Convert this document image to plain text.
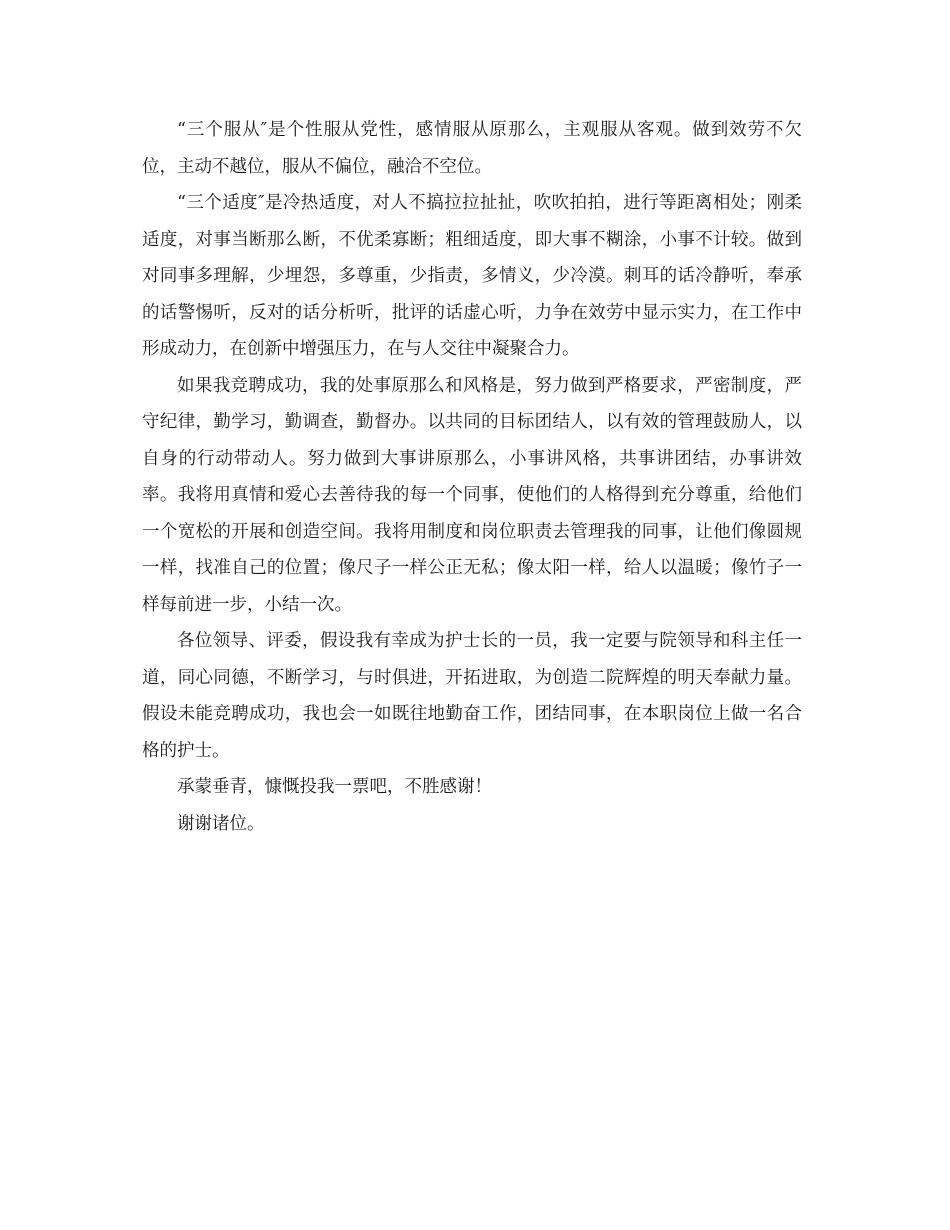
“三个服从″是个性服从党性，感情服从原那么，主观服从客观。做到效劳不欠位，主动不越位，服从不偏位，融洽不空位。

“三个适度″是冷热适度，对人不搞拉拉扯扯，吹吹拍拍，进行等距离相处；刚柔适度，对事当断那么断，不优柔寡断；粗细适度，即大事不糊涂，小事不计较。做到对同事多理解，少埋怨，多尊重，少指责，多情义，少冷漠。刺耳的话冷静听，奉承的话警惕听，反对的话分析听，批评的话虚心听，力争在效劳中显示实力，在工作中形成动力，在创新中增强压力，在与人交往中凝聚合力。

如果我竞聘成功，我的处事原那么和风格是，努力做到严格要求，严密制度，严守纪律，勤学习，勤调查，勤督办。以共同的目标团结人，以有效的管理鼓励人，以自身的行动带动人。努力做到大事讲原那么，小事讲风格，共事讲团结，办事讲效率。我将用真情和爱心去善待我的每一个同事，使他们的人格得到充分尊重，给他们一个宽松的开展和创造空间。我将用制度和岗位职责去管理我的同事，让他们像圆规一样，找准自己的位置；像尺子一样公正无私；像太阳一样，给人以温暖；像竹子一样每前进一步，小结一次。

各位领导、评委，假设我有幸成为护士长的一员，我一定要与院领导和科主任一道，同心同德，不断学习，与时俱进，开拓进取，为创造二院辉煌的明天奉献力量。假设未能竞聘成功，我也会一如既往地勤奋工作，团结同事，在本职岗位上做一名合格的护士。

承蒙垂青，慷慨投我一票吧，不胜感谢！

谢谢诸位。
